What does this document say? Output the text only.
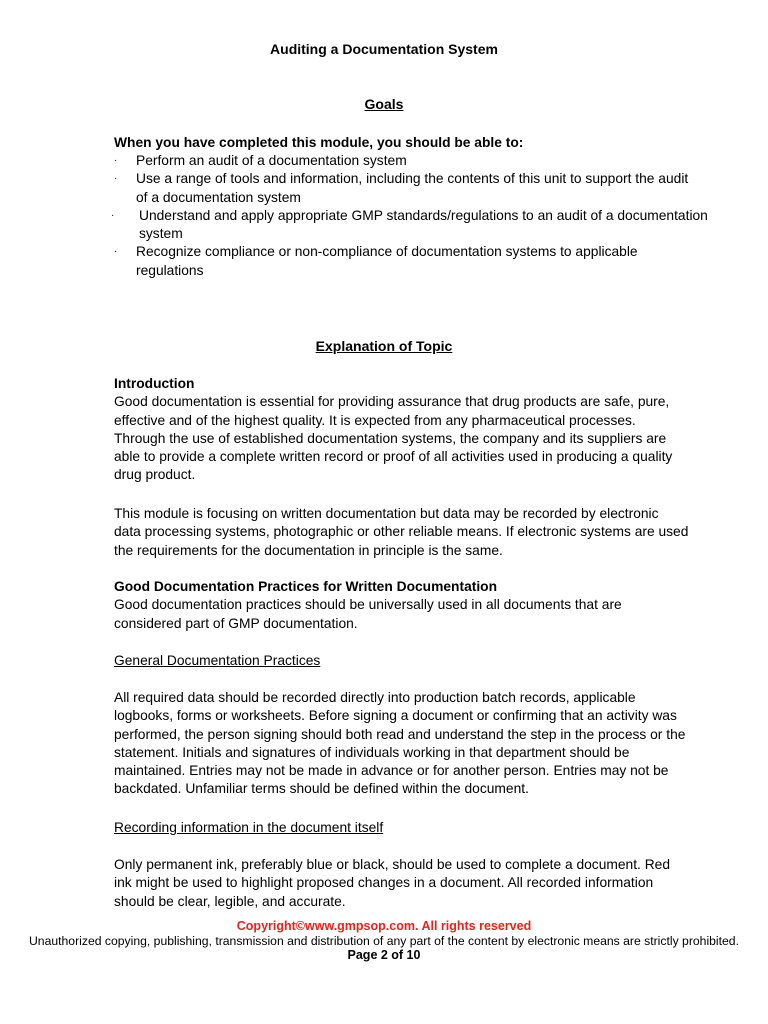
Auditing a Documentation System
Goals
When you have completed this module, you should be able to:
· Perform an audit of a documentation system
· Use a range of tools and information, including the contents of this unit to support the audit of a documentation system
· Understand and apply appropriate GMP standards/regulations to an audit of a documentation system
· Recognize compliance or non-compliance of documentation systems to applicable regulations
Explanation of Topic

Introduction

Good documentation is essential for providing assurance that drug products are safe, pure, effective and of the highest quality. It is expected from any pharmaceutical processes. Through the use of established documentation systems, the company and its suppliers are able to provide a complete written record or proof of all activities used in producing a quality drug product.

This module is focusing on written documentation but data may be recorded by electronic data processing systems, photographic or other reliable means. If electronic systems are used the requirements for the documentation in principle is the same.

Good Documentation Practices for Written Documentation

Good documentation practices should be universally used in all documents that are considered part of GMP documentation.

General Documentation Practices
All required data should be recorded directly into production batch records, applicable logbooks, forms or worksheets. Before signing a document or confirming that an activity was performed, the person signing should both read and understand the step in the process or the statement. Initials and signatures of individuals working in that department should be maintained. Entries may not be made in advance or for another person. Entries may not be backdated. Unfamiliar terms should be defined within the document.
Recording information in the document itself
Only permanent ink, preferably blue or black, should be used to complete a document. Red ink might be used to highlight proposed changes in a document. All recorded information should be clear, legible, and accurate.
Copyright©www.gmpsop.com. All rights reserved
Unauthorized copying, publishing, transmission and distribution of any part of the content by electronic means are strictly prohibited.
Page 2 of 10
